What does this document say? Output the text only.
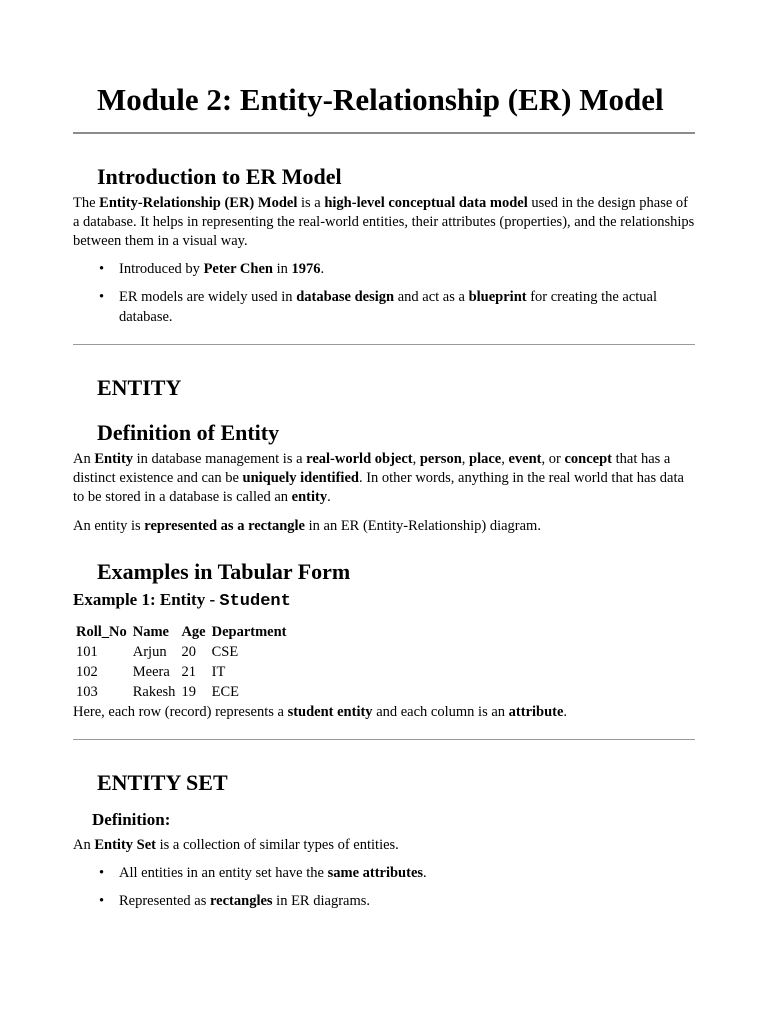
Module 2: Entity-Relationship (ER) Model
Introduction to ER Model

The Entity-Relationship (ER) Model is a high-level conceptual data model used in the design phase of a database. It helps in representing the real-world entities, their attributes (properties), and the relationships between them in a visual way.

• Introduced by Peter Chen in 1976.
• ER models are widely used in database design and act as a blueprint for creating the actual database.
ENTITY
Definition of Entity

An Entity in database management is a real-world object, person, place, event, or concept that has a distinct existence and can be uniquely identified. In other words, anything in the real world that has data to be stored in a database is called an entity.

An entity is represented as a rectangle in an ER (Entity-Relationship) diagram.

Examples in Tabular Form
Example 1: Entity - Student
Roll_No	Name	Age	Department
101	Arjun	20	CSE
102	Meera	21	IT
103	Rakesh	19	ECE

Here, each row (record) represents a student entity and each column is an attribute.

ENTITY SET
Definition:

An Entity Set is a collection of similar types of entities.

• All entities in an entity set have the same attributes.
• Represented as rectangles in ER diagrams.
